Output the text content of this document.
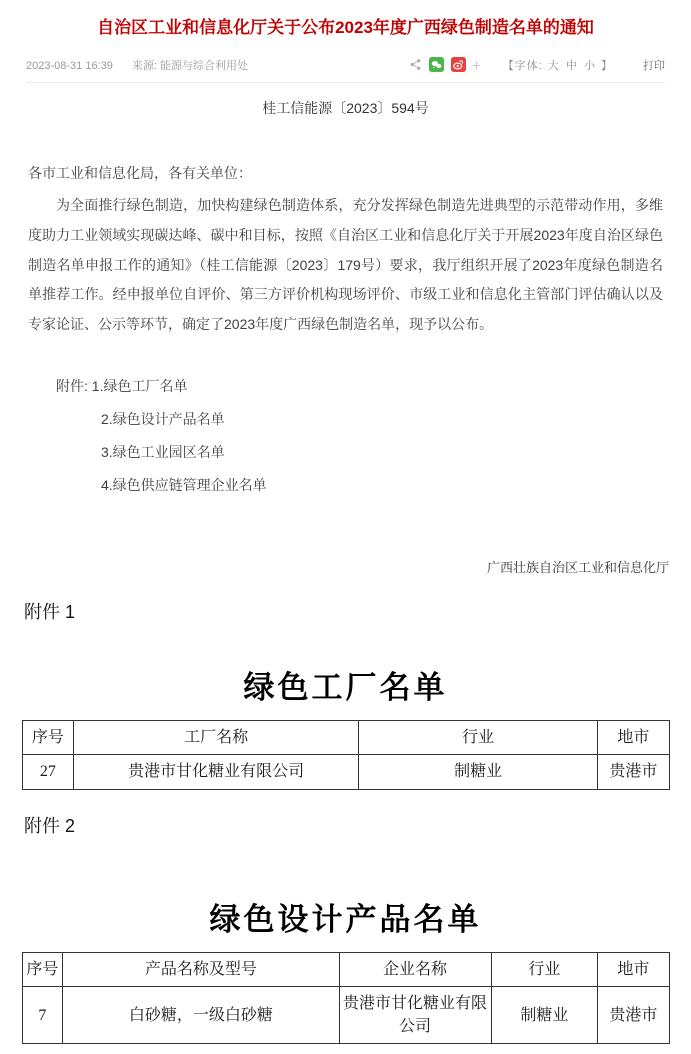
自治区工业和信息化厅关于公布2023年度广西绿色制造名单的通知
2023-08-31 16:39 来源: 能源与综合利用处	+ 【字体: 大 中 小 】	打印
桂工信能源〔2023〕594号
各市工业和信息化局，各有关单位：
为全面推行绿色制造，加快构建绿色制造体系，充分发挥绿色制造先进典型的示范带动作用，多维度助力工业领域实现碳达峰、碳中和目标，按照《自治区工业和信息化厅关于开展2023年度自治区绿色制造名单申报工作的通知》（桂工信能源〔2023〕179号）要求，我厅组织开展了2023年度绿色制造名单推荐工作。经申报单位自评价、第三方评价机构现场评价、市级工业和信息化主管部门评估确认以及专家论证、公示等环节，确定了2023年度广西绿色制造名单，现予以公布。
附件:
1.绿色工厂名单
2.绿色设计产品名单
3.绿色工业园区名单
4.绿色供应链管理企业名单
广西壮族自治区工业和信息化厅
附件 1
绿色工厂名单
序号	工厂名称	行业	地市
27	贵港市甘化糖业有限公司	制糖业	贵港市
附件 2
绿色设计产品名单
序号	产品名称及型号	企业名称	行业	地市
7	白砂糖，一级白砂糖	贵港市甘化糖业有限公司	制糖业	贵港市
